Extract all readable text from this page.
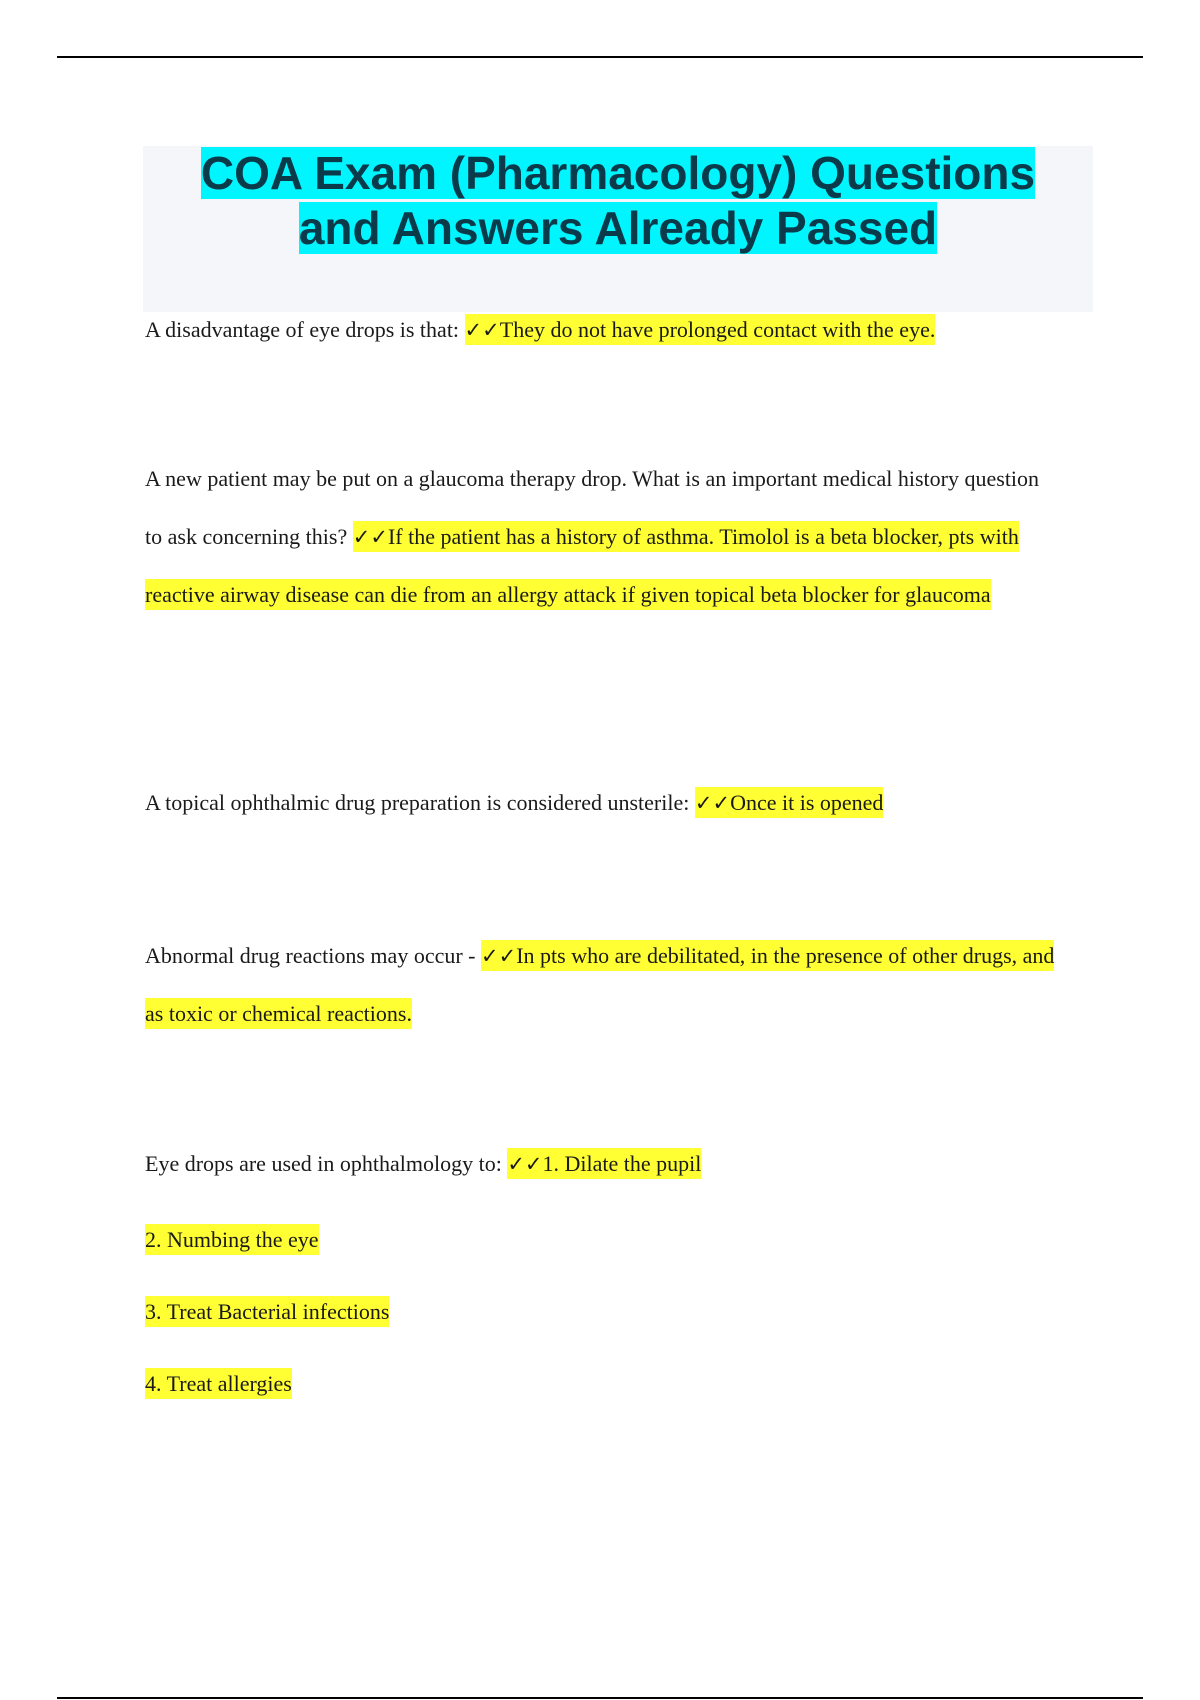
COA Exam (Pharmacology) Questions
and Answers Already Passed

A disadvantage of eye drops is that: ✓✓They do not have prolonged contact with the eye.

A new patient may be put on a glaucoma therapy drop. What is an important medical history question to ask concerning this? ✓✓If the patient has a history of asthma. Timolol is a beta blocker, pts with reactive airway disease can die from an allergy attack if given topical beta blocker for glaucoma

A topical ophthalmic drug preparation is considered unsterile: ✓✓Once it is opened

Abnormal drug reactions may occur - ✓✓In pts who are debilitated, in the presence of other drugs, and as toxic or chemical reactions.

Eye drops are used in ophthalmology to: ✓✓1. Dilate the pupil

2. Numbing the eye

3. Treat Bacterial infections

4. Treat allergies
